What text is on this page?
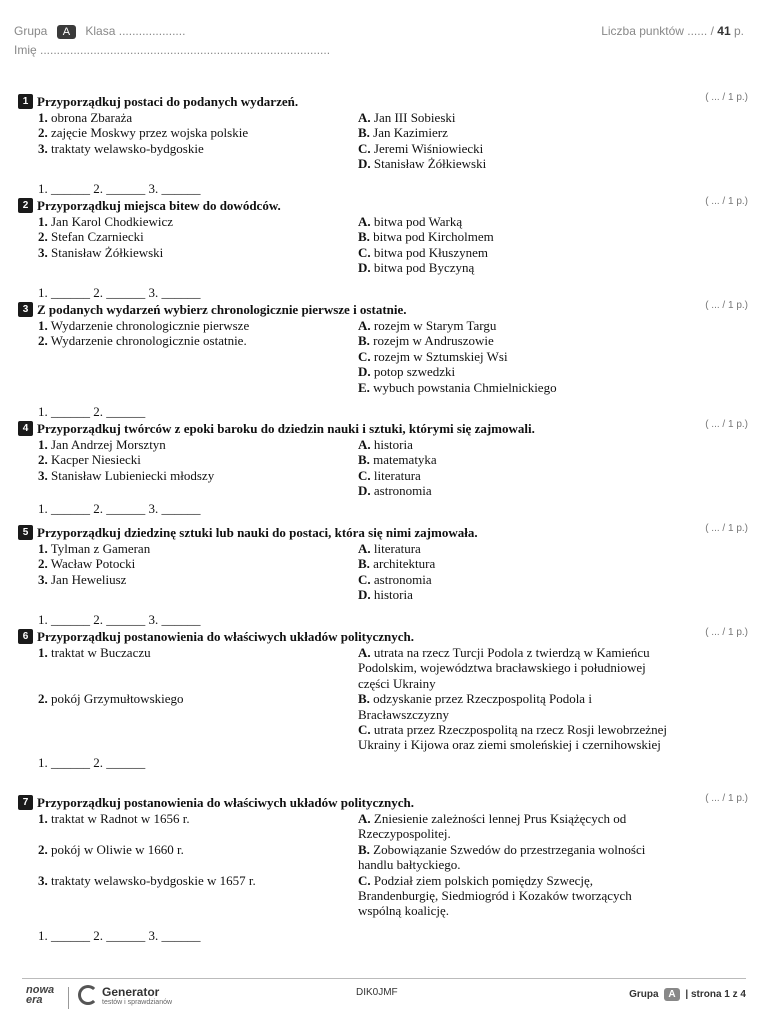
Grupa A Klasa ....................	Liczba punktów ...... / 41 p.
Imię .......................................................................................
1 Przyporządkuj postaci do podanych wydarzeń.	( ... / 1 p.)
1. obrona Zbaraża
2. zajęcie Moskwy przez wojska polskie
3. traktaty welawsko-bydgoskie
A. Jan III Sobieski
B. Jan Kazimierz
C. Jeremi Wiśniowiecki
D. Stanisław Żółkiewski
1. ______ 2. ______ 3. ______
2 Przyporządkuj miejsca bitew do dowódców.	( ... / 1 p.)
1. Jan Karol Chodkiewicz
2. Stefan Czarniecki
3. Stanisław Żółkiewski
A. bitwa pod Warką
B. bitwa pod Kircholmem
C. bitwa pod Kłuszynem
D. bitwa pod Byczyną
1. ______ 2. ______ 3. ______
3 Z podanych wydarzeń wybierz chronologicznie pierwsze i ostatnie.	( ... / 1 p.)
1. Wydarzenie chronologicznie pierwsze
2. Wydarzenie chronologicznie ostatnie.
A. rozejm w Starym Targu
B. rozejm w Andruszowie
C. rozejm w Sztumskiej Wsi
D. potop szwedzki
E. wybuch powstania Chmielnickiego
1. ______ 2. ______
4 Przyporządkuj twórców z epoki baroku do dziedzin nauki i sztuki, którymi się zajmowali.	( ... / 1 p.)
1. Jan Andrzej Morsztyn
2. Kacper Niesiecki
3. Stanisław Lubieniecki młodszy
A. historia
B. matematyka
C. literatura
D. astronomia
1. ______ 2. ______ 3. ______
5 Przyporządkuj dziedzinę sztuki lub nauki do postaci, która się nimi zajmowała.	( ... / 1 p.)
1. Tylman z Gameran
2. Wacław Potocki
3. Jan Heweliusz
A. literatura
B. architektura
C. astronomia
D. historia
1. ______ 2. ______ 3. ______
6 Przyporządkuj postanowienia do właściwych układów politycznych.	( ... / 1 p.)
1. traktat w Buczaczu
2. pokój Grzymułtowskiego
A. utrata na rzecz Turcji Podola z twierdzą w Kamieńcu Podolskim, województwa bracławskiego i południowej części Ukrainy
B. odzyskanie przez Rzeczpospolitą Podola i Bracławszczyzny
C. utrata przez Rzeczpospolitą na rzecz Rosji lewobrzeżnej Ukrainy i Kijowa oraz ziemi smoleńskiej i czernihowskiej
1. ______ 2. ______
7 Przyporządkuj postanowienia do właściwych układów politycznych.	( ... / 1 p.)
1. traktat w Radnot w 1656 r.
2. pokój w Oliwie w 1660 r.
3. traktaty welawsko-bydgoskie w 1657 r.
A. Zniesienie zależności lennej Prus Książęcych od Rzeczypospolitej.
B. Zobowiązanie Szwedów do przestrzegania wolności handlu bałtyckiego.
C. Podział ziem polskich pomiędzy Szwecję, Brandenburgię, Siedmiogród i Kozaków tworzących wspólną koalicję.
1. ______ 2. ______ 3. ______
nowa
era
Generator
testów i sprawdzianów
DIK0JMF	Grupa A | strona 1 z 4
